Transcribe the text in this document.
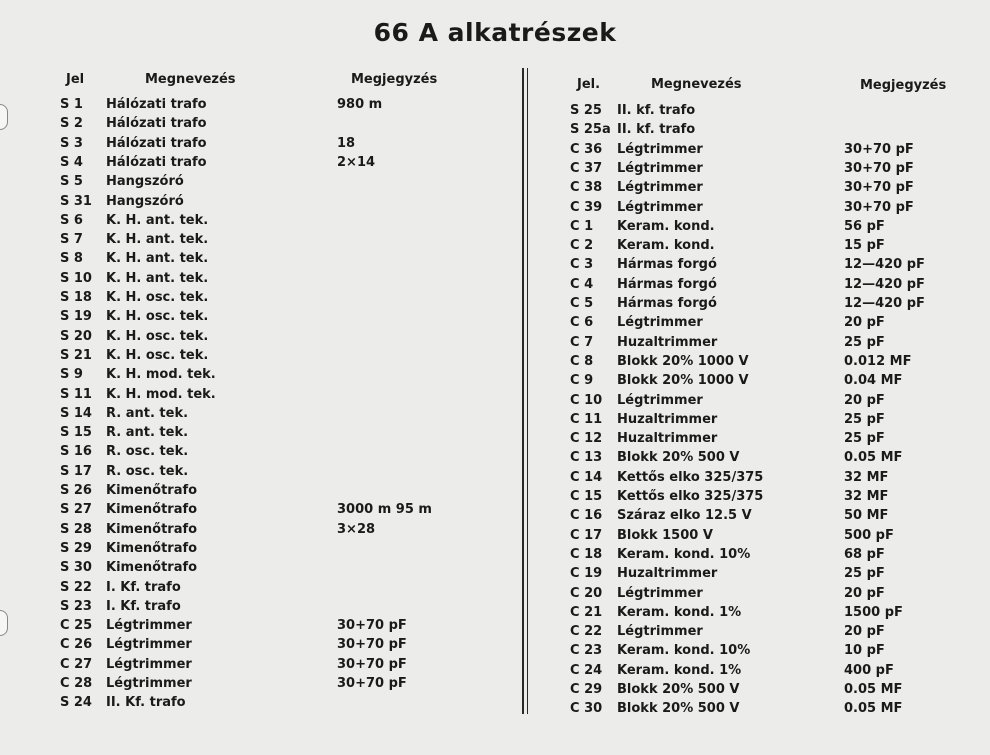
66 A alkatrészek
Jel	Megnevezés	Megjegyzés	Jel.	Megnevezés	Megjegyzés
S 1 Hálózati trafo	980 m
S 2 Hálózati trafo
S 3 Hálózati trafo	18
S 4 Hálózati trafo	2×14
S 5 Hangszóró
S 31 Hangszóró
S 6 K. H. ant. tek.
S 7 K. H. ant. tek.
S 8 K. H. ant. tek.
S 10 K. H. ant. tek.
S 18 K. H. osc. tek.
S 19 K. H. osc. tek.
S 20 K. H. osc. tek.
S 21 K. H. osc. tek.
S 9 K. H. mod. tek.
S 11 K. H. mod. tek.
S 14 R. ant. tek.
S 15 R. ant. tek.
S 16 R. osc. tek.
S 17 R. osc. tek.
S 26 Kimenőtrafo
S 27 Kimenőtrafo	3000 m 95 m
S 28 Kimenőtrafo	3×28
S 29 Kimenőtrafo
S 30 Kimenőtrafo
S 22 I. Kf. trafo
S 23 I. Kf. trafo
C 25 Légtrimmer	30+70 pF
C 26 Légtrimmer	30+70 pF
C 27 Légtrimmer	30+70 pF
C 28 Légtrimmer	30+70 pF
S 24 II. Kf. trafo
S 25 II. kf. trafo
S 25a II. kf. trafo
C 36 Légtrimmer	30+70 pF
C 37 Légtrimmer	30+70 pF
C 38 Légtrimmer	30+70 pF
C 39 Légtrimmer	30+70 pF
C 1 Keram. kond.	56 pF
C 2 Keram. kond.	15 pF
C 3 Hármas forgó	12—420 pF
C 4 Hármas forgó	12—420 pF
C 5 Hármas forgó	12—420 pF
C 6 Légtrimmer	20 pF
C 7 Huzaltrimmer	25 pF
C 8 Blokk 20% 1000 V	0.012 MF
C 9 Blokk 20% 1000 V	0.04 MF
C 10 Légtrimmer	20 pF
C 11 Huzaltrimmer	25 pF
C 12 Huzaltrimmer	25 pF
C 13 Blokk 20% 500 V	0.05 MF
C 14 Kettős elko 325/375	32 MF
C 15 Kettős elko 325/375	32 MF
C 16 Száraz elko 12.5 V	50 MF
C 17 Blokk 1500 V	500 pF
C 18 Keram. kond. 10%	68 pF
C 19 Huzaltrimmer	25 pF
C 20 Légtrimmer	20 pF
C 21 Keram. kond. 1%	1500 pF
C 22 Légtrimmer	20 pF
C 23 Keram. kond. 10%	10 pF
C 24 Keram. kond. 1%	400 pF
C 29 Blokk 20% 500 V	0.05 MF
C 30 Blokk 20% 500 V	0.05 MF
